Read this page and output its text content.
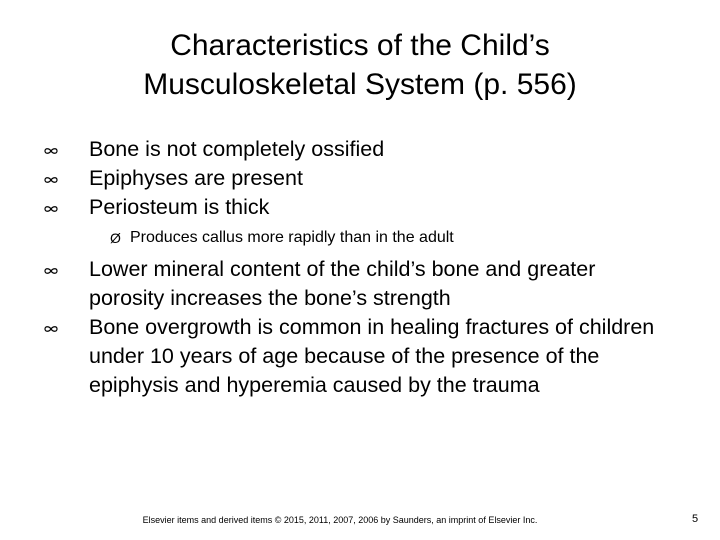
Characteristics of the Child’s
Musculoskeletal System (p. 556)
Bone is not completely ossified
Epiphyses are present
Periosteum is thick
Ø Produces callus more rapidly than in the adult
Lower mineral content of the child’s bone and greater porosity increases the bone’s strength
Bone overgrowth is common in healing fractures of children under 10 years of age because of the presence of the epiphysis and hyperemia caused by the trauma
Elsevier items and derived items © 2015, 2011, 2007, 2006 by Saunders, an imprint of Elsevier Inc.	5
